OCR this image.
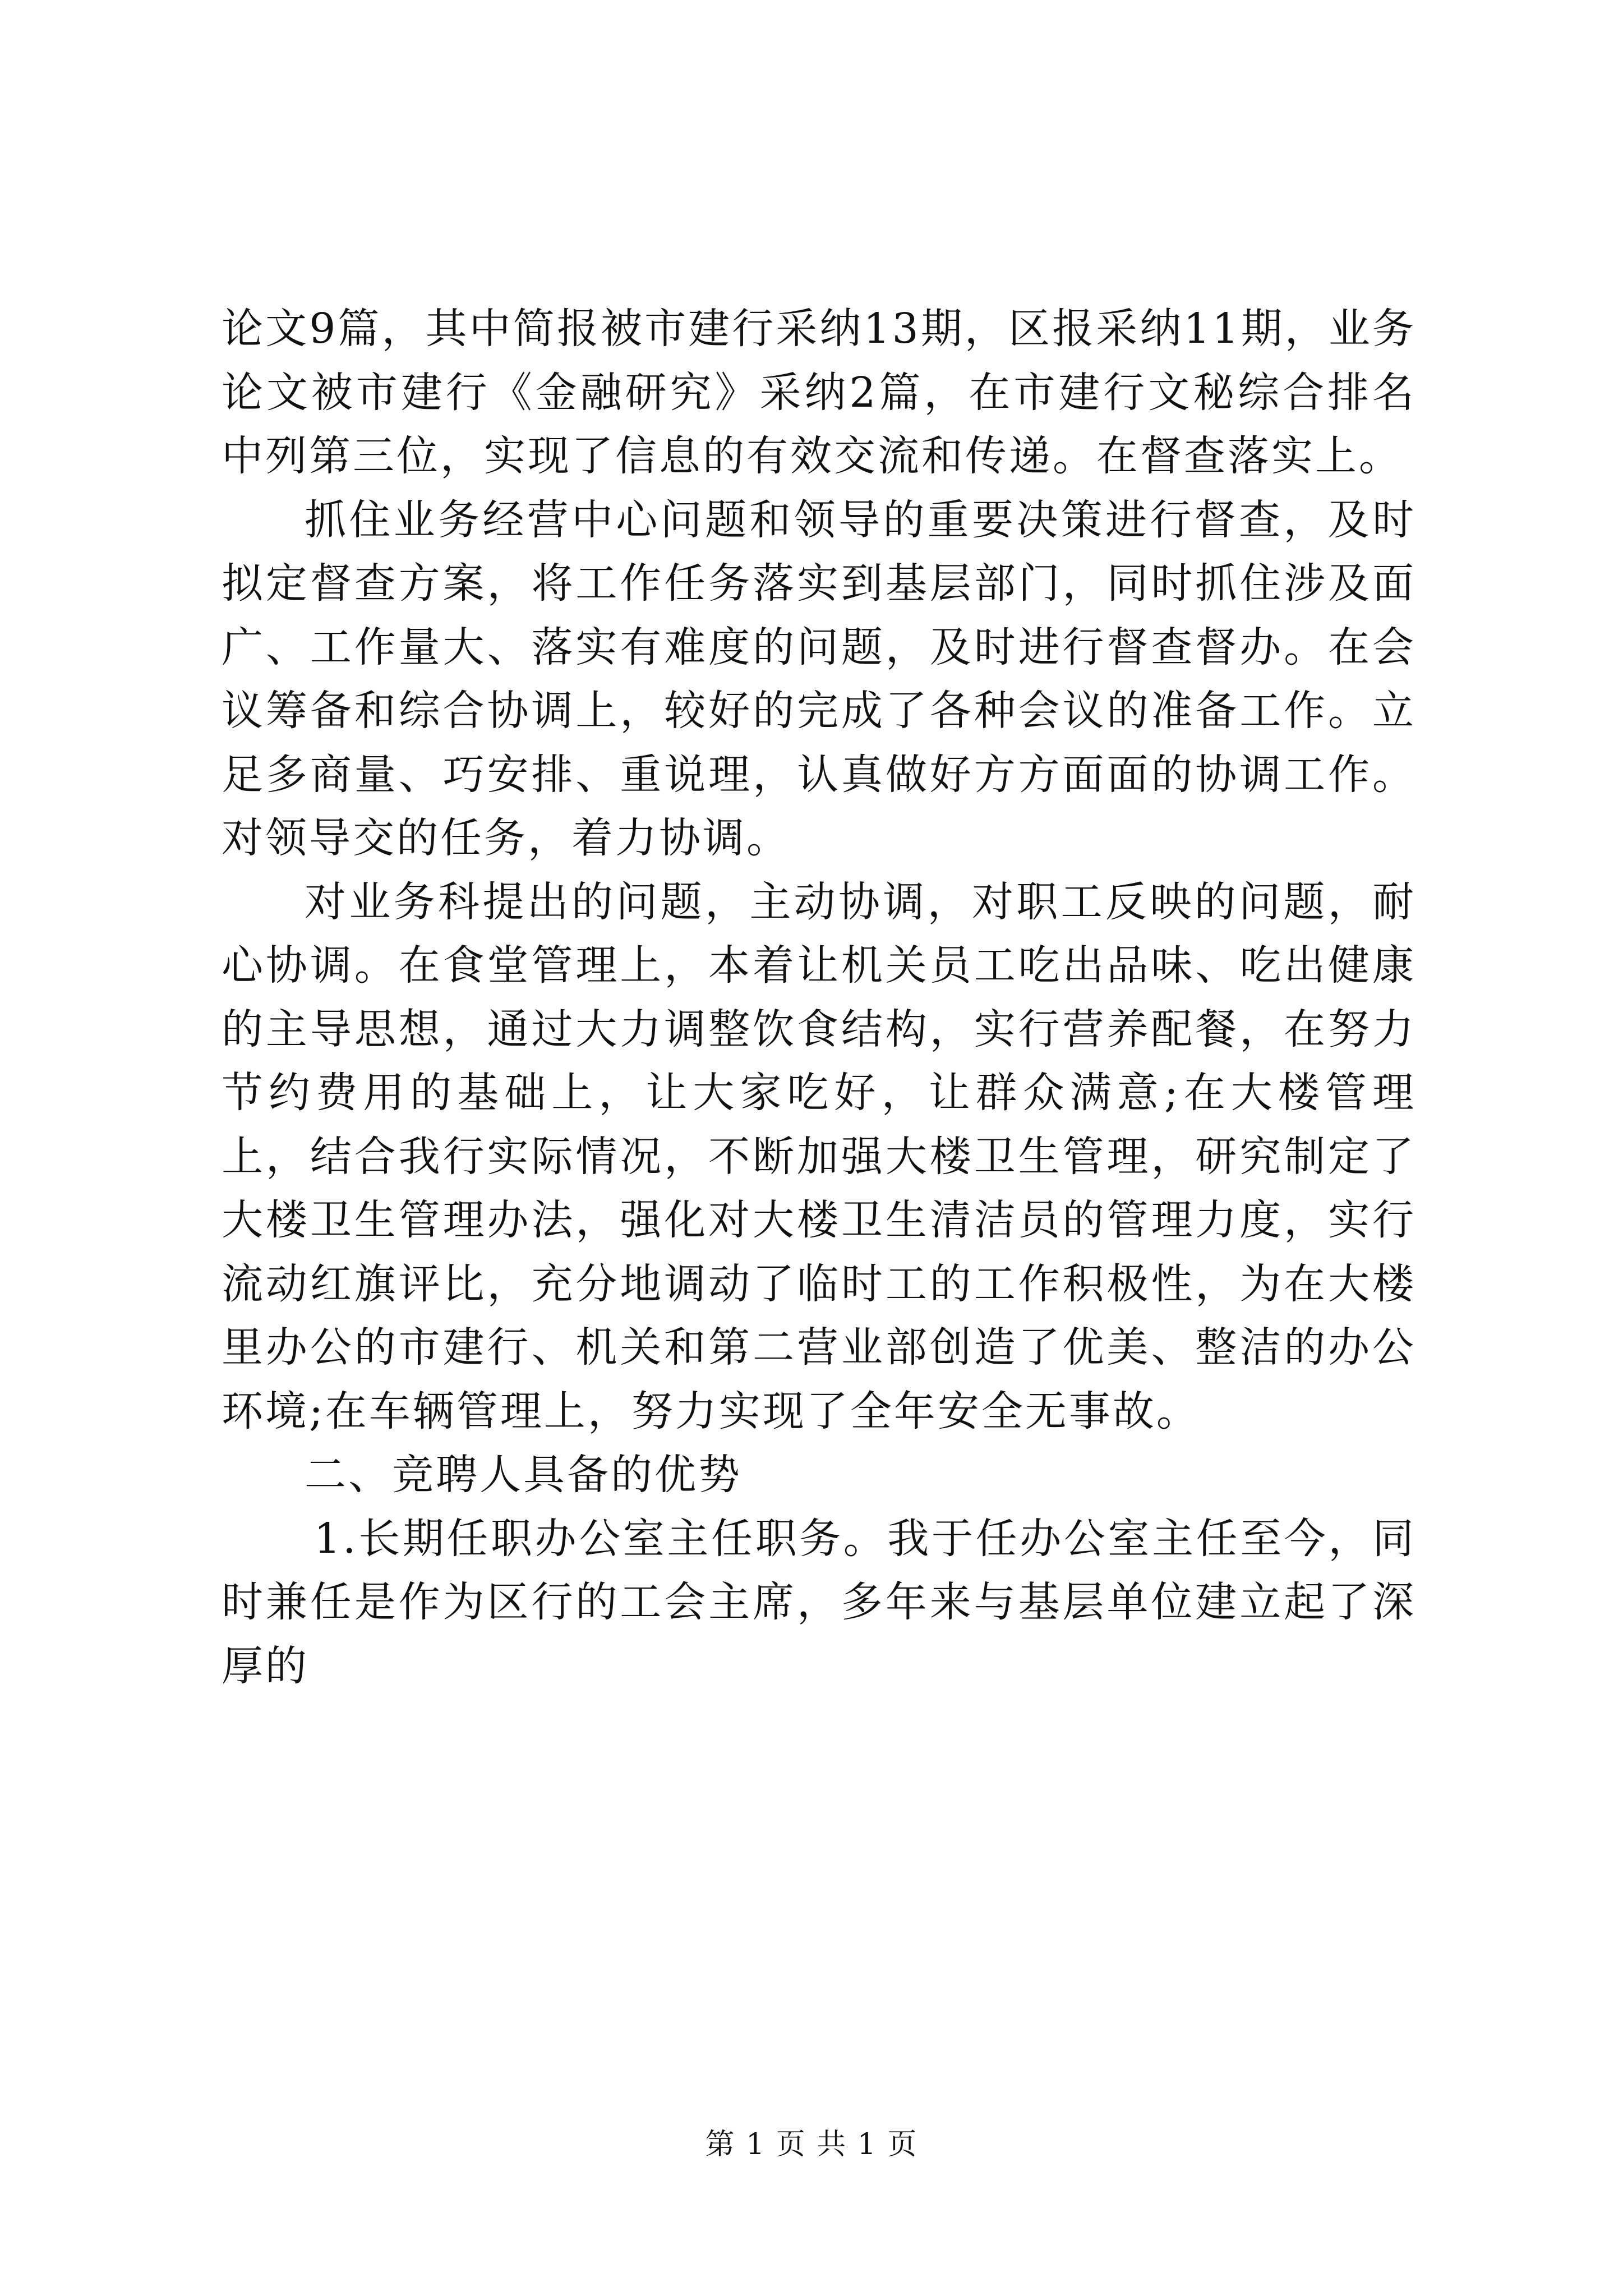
论文9篇，其中简报被市建行采纳13期，区报采纳11期，业务论文被市建行《金融研究》采纳2篇，在市建行文秘综合排名中列第三位，实现了信息的有效交流和传递。在督查落实上。

抓住业务经营中心问题和领导的重要决策进行督查，及时拟定督查方案，将工作任务落实到基层部门，同时抓住涉及面广、工作量大、落实有难度的问题，及时进行督查督办。在会议筹备和综合协调上，较好的完成了各种会议的准备工作。立足多商量、巧安排、重说理，认真做好方方面面的协调工作。对领导交的任务，着力协调。

对业务科提出的问题，主动协调，对职工反映的问题，耐心协调。在食堂管理上，本着让机关员工吃出品味、吃出健康的主导思想，通过大力调整饮食结构，实行营养配餐，在努力节约费用的基础上，让大家吃好，让群众满意;在大楼管理上，结合我行实际情况，不断加强大楼卫生管理，研究制定了大楼卫生管理办法，强化对大楼卫生清洁员的管理力度，实行流动红旗评比，充分地调动了临时工的工作积极性，为在大楼里办公的市建行、机关和第二营业部创造了优美、整洁的办公环境;在车辆管理上，努力实现了全年安全无事故。

二、竞聘人具备的优势

1.长期任职办公室主任职务。我于任办公室主任至今，同时兼任是作为区行的工会主席，多年来与基层单位建立起了深厚的

第 1 页 共 1 页
